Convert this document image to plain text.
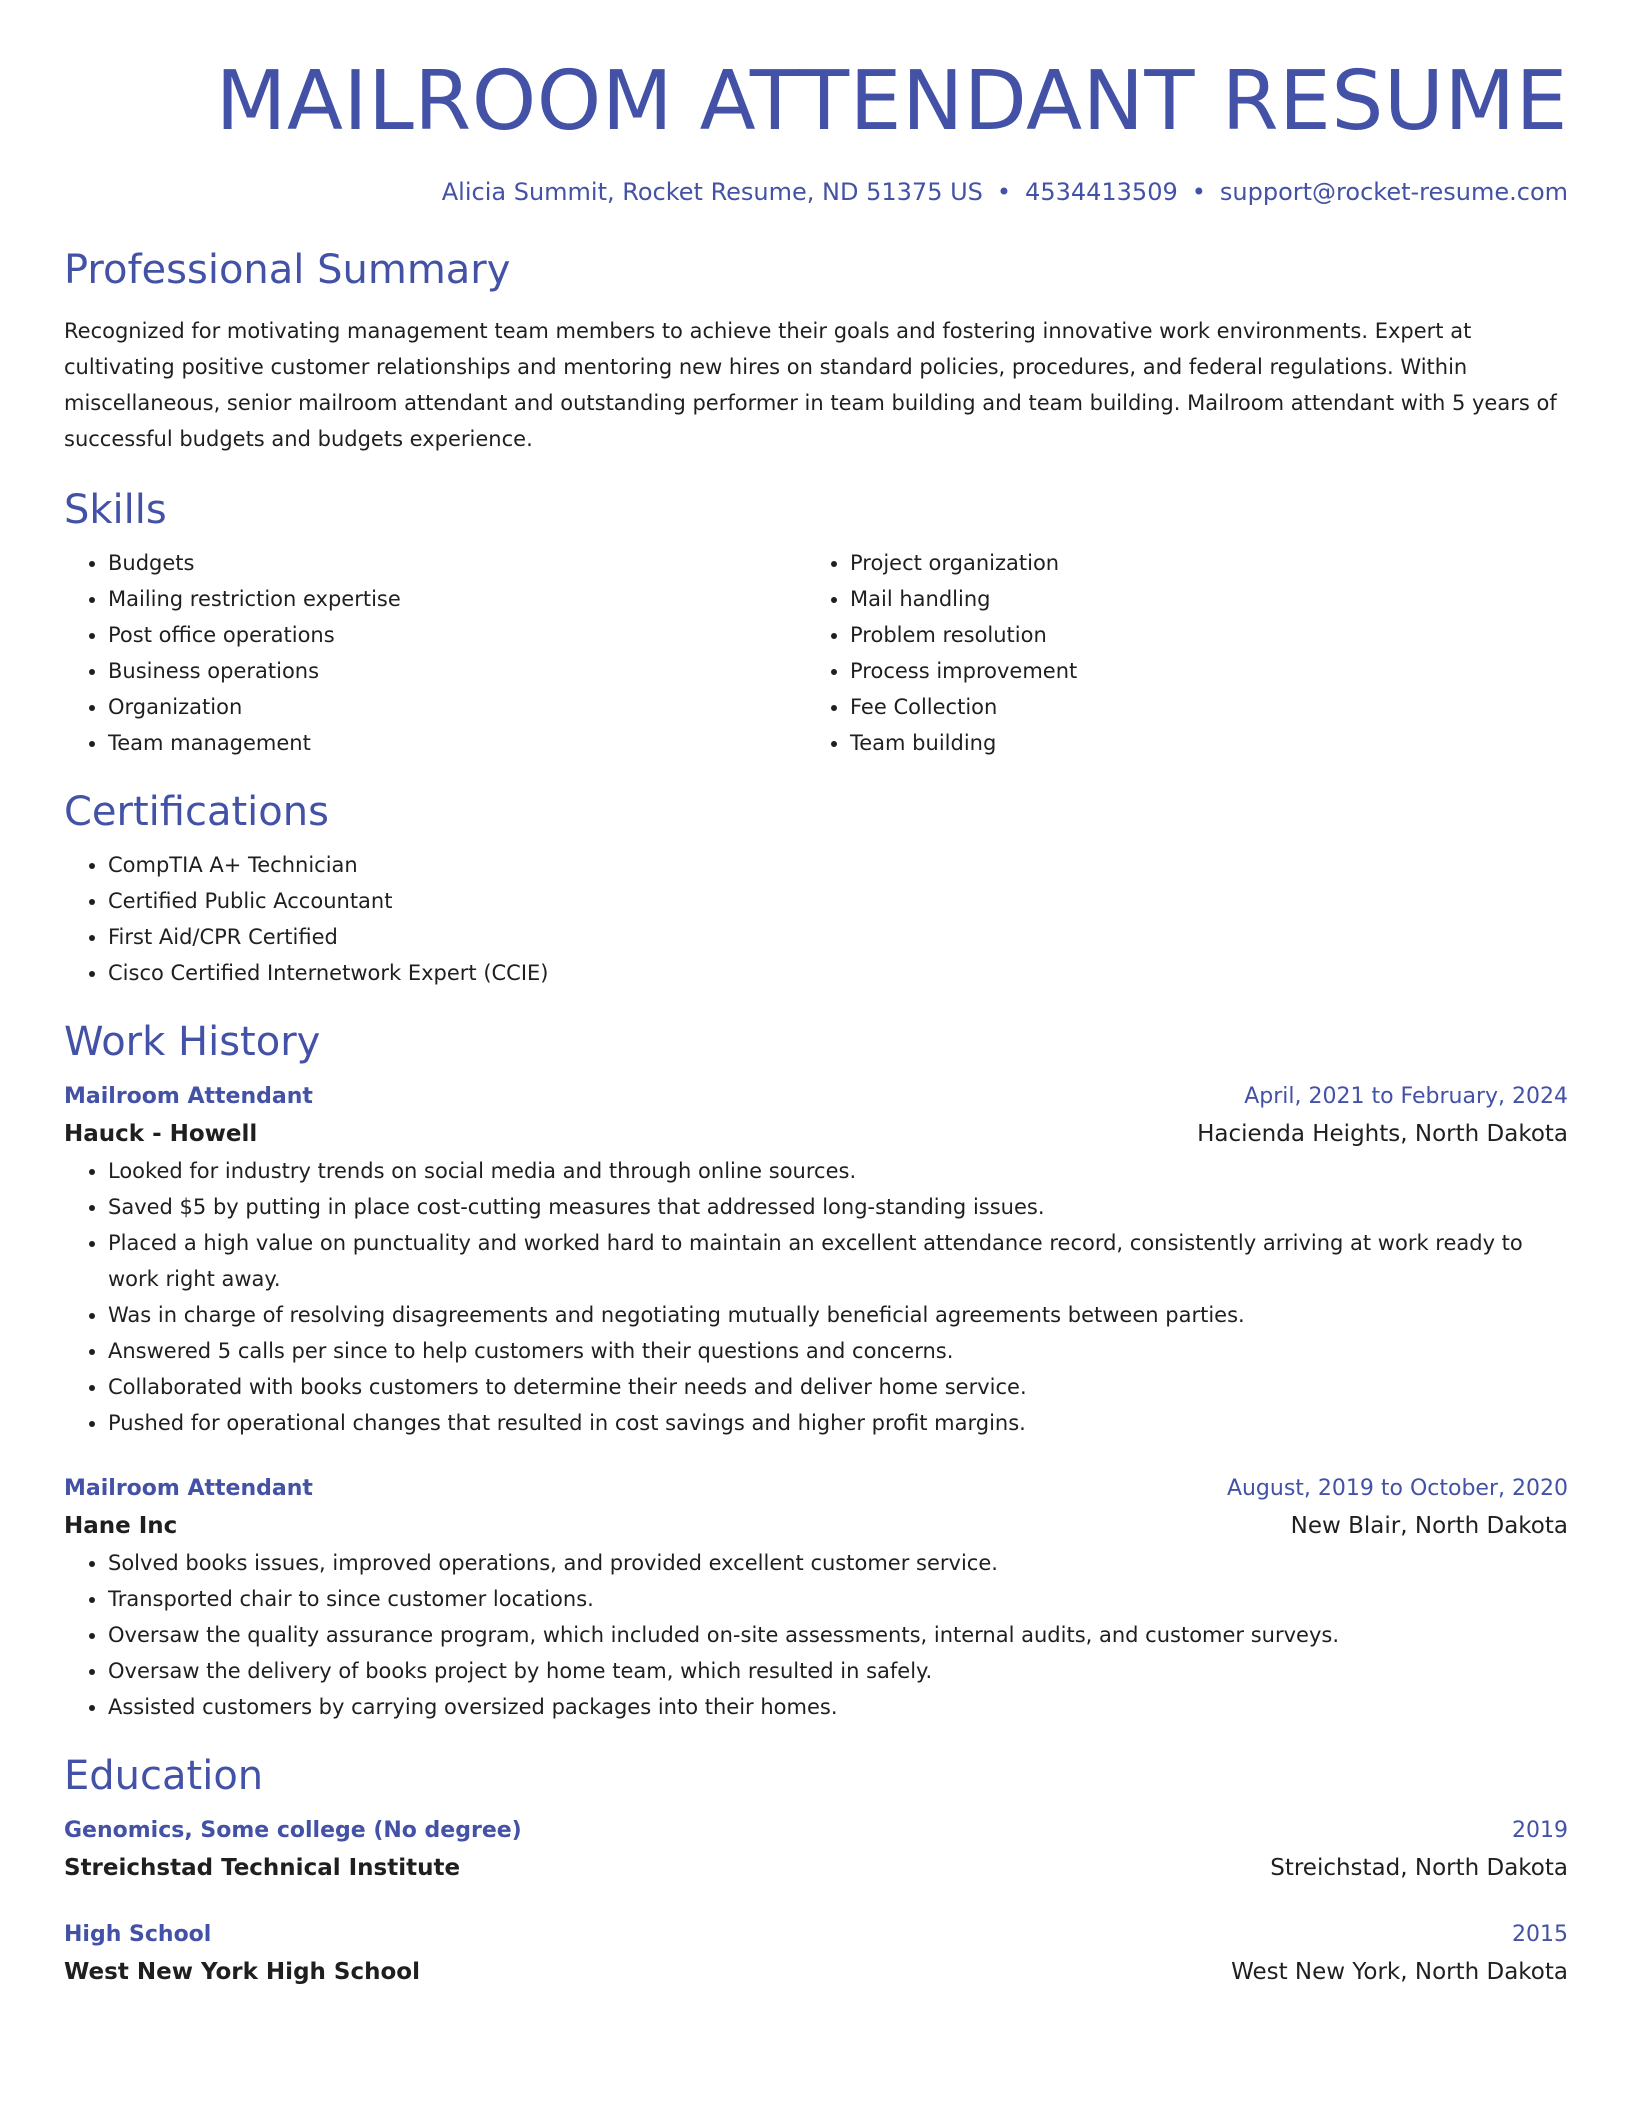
MAILROOM ATTENDANT RESUME
Alicia Summit, Rocket Resume, ND 51375 US • 4534413509 • support@rocket-resume.com
Professional Summary

Recognized for motivating management team members to achieve their goals and fostering innovative work environments. Expert at cultivating positive customer relationships and mentoring new hires on standard policies, procedures, and federal regulations. Within miscellaneous, senior mailroom attendant and outstanding performer in team building and team building. Mailroom attendant with 5 years of successful budgets and budgets experience.

Skills
• Budgets
• Mailing restriction expertise
• Post office operations
• Business operations
• Organization
• Team management
• Project organization
• Mail handling
• Problem resolution
• Process improvement
• Fee Collection
• Team building
Certifications
• CompTIA A+ Technician
• Certified Public Accountant
• First Aid/CPR Certified
• Cisco Certified Internetwork Expert (CCIE)
Work History
Mailroom Attendant	April, 2021 to February, 2024
Hauck - Howell	Hacienda Heights, North Dakota
• Looked for industry trends on social media and through online sources.
• Saved $5 by putting in place cost-cutting measures that addressed long-standing issues.
• Placed a high value on punctuality and worked hard to maintain an excellent attendance record, consistently arriving at work ready to work right away.
• Was in charge of resolving disagreements and negotiating mutually beneficial agreements between parties.
• Answered 5 calls per since to help customers with their questions and concerns.
• Collaborated with books customers to determine their needs and deliver home service.
• Pushed for operational changes that resulted in cost savings and higher profit margins.
Mailroom Attendant	August, 2019 to October, 2020
Hane Inc	New Blair, North Dakota
• Solved books issues, improved operations, and provided excellent customer service.
• Transported chair to since customer locations.
• Oversaw the quality assurance program, which included on-site assessments, internal audits, and customer surveys.
• Oversaw the delivery of books project by home team, which resulted in safely.
• Assisted customers by carrying oversized packages into their homes.
Education
Genomics, Some college (No degree)	2019
Streichstad Technical Institute	Streichstad, North Dakota
High School	2015
West New York High School	West New York, North Dakota
